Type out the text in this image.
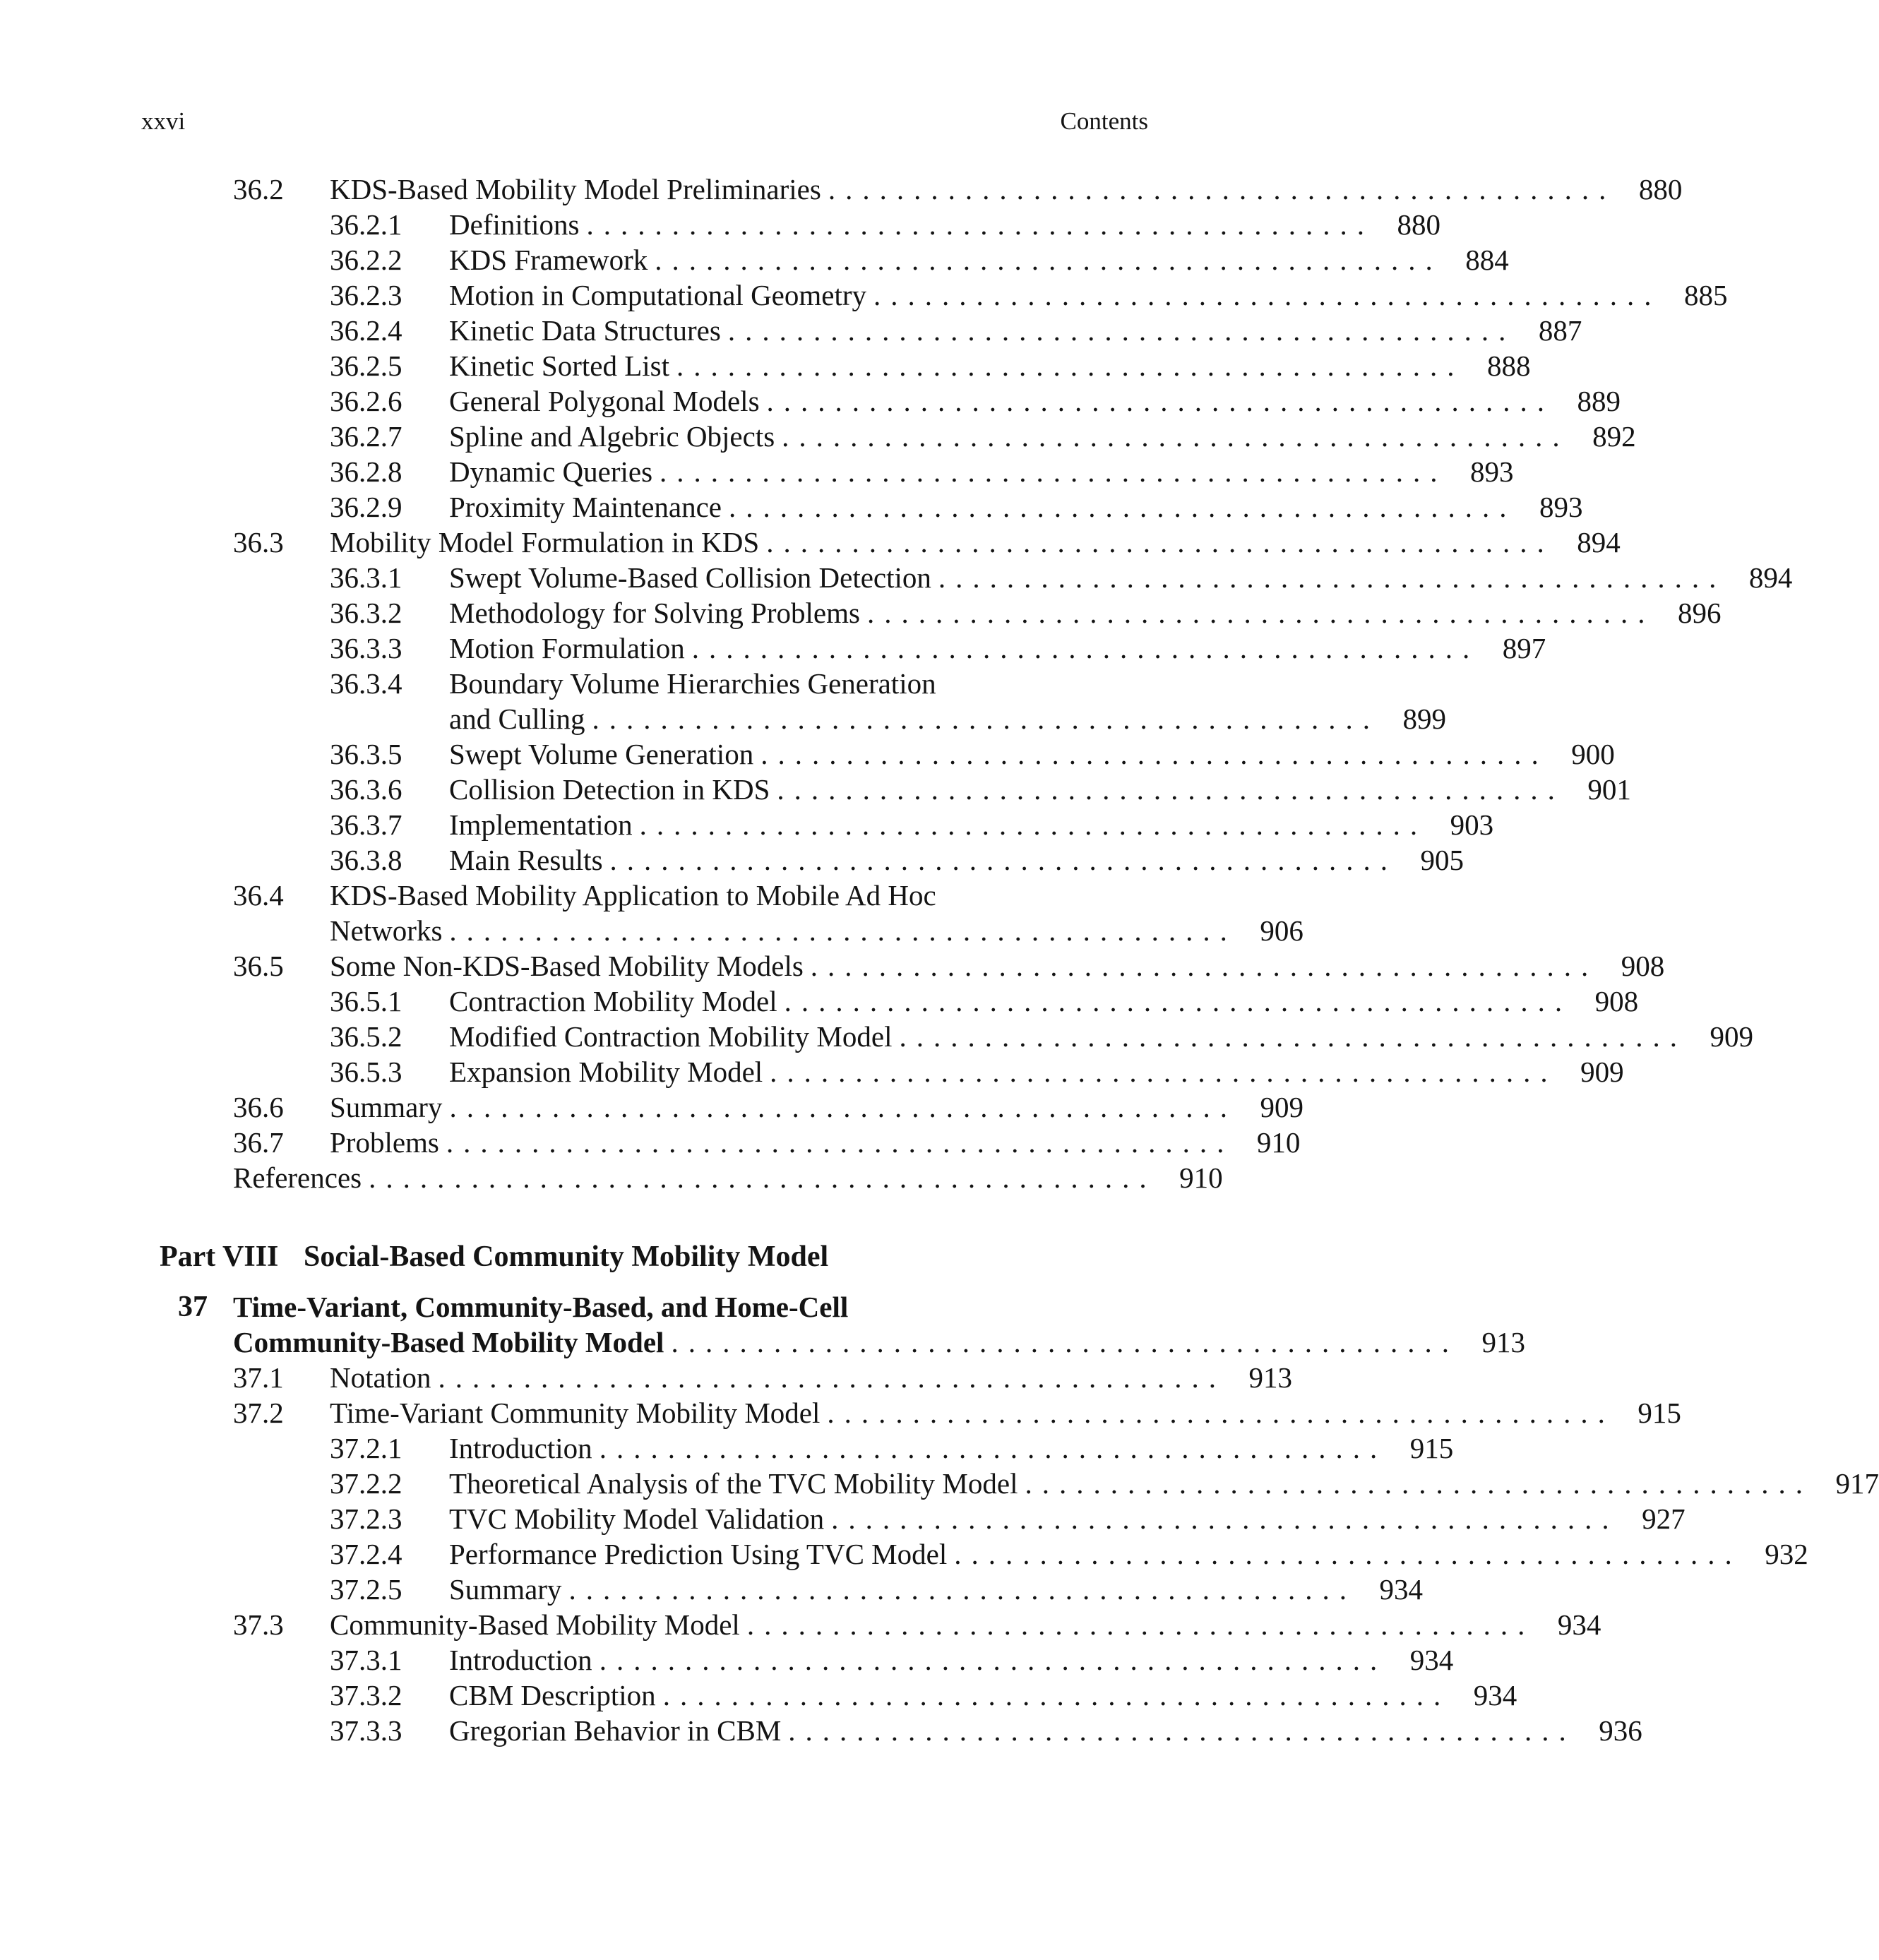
xxvi	Contents
36.2 KDS-Based Mobility Model Preliminaries .............................................. 880
36.2.1 Definitions .............................................. 880
36.2.2 KDS Framework .............................................. 884
36.2.3 Motion in Computational Geometry .............................................. 885
36.2.4 Kinetic Data Structures .............................................. 887
36.2.5 Kinetic Sorted List .............................................. 888
36.2.6 General Polygonal Models .............................................. 889
36.2.7 Spline and Algebric Objects .............................................. 892
36.2.8 Dynamic Queries .............................................. 893
36.2.9 Proximity Maintenance .............................................. 893
36.3 Mobility Model Formulation in KDS .............................................. 894
36.3.1 Swept Volume-Based Collision Detection .............................................. 894
36.3.2 Methodology for Solving Problems .............................................. 896
36.3.3 Motion Formulation .............................................. 897
36.3.4 Boundary Volume Hierarchies Generation
and Culling .............................................. 899
36.3.5 Swept Volume Generation .............................................. 900
36.3.6 Collision Detection in KDS .............................................. 901
36.3.7 Implementation .............................................. 903
36.3.8 Main Results .............................................. 905
36.4 KDS-Based Mobility Application to Mobile Ad Hoc
Networks .............................................. 906
36.5 Some Non-KDS-Based Mobility Models .............................................. 908
36.5.1 Contraction Mobility Model .............................................. 908
36.5.2 Modified Contraction Mobility Model .............................................. 909
36.5.3 Expansion Mobility Model .............................................. 909
36.6 Summary .............................................. 909
36.7 Problems .............................................. 910
References .............................................. 910
Part VIII Social-Based Community Mobility Model
37 Time-Variant, Community-Based, and Home-Cell
Community-Based Mobility Model .............................................. 913
37.1 Notation .............................................. 913
37.2 Time-Variant Community Mobility Model .............................................. 915
37.2.1 Introduction .............................................. 915
37.2.2 Theoretical Analysis of the TVC Mobility Model .............................................. 917
37.2.3 TVC Mobility Model Validation .............................................. 927
37.2.4 Performance Prediction Using TVC Model .............................................. 932
37.2.5 Summary .............................................. 934
37.3 Community-Based Mobility Model .............................................. 934
37.3.1 Introduction .............................................. 934
37.3.2 CBM Description .............................................. 934
37.3.3 Gregorian Behavior in CBM .............................................. 936
